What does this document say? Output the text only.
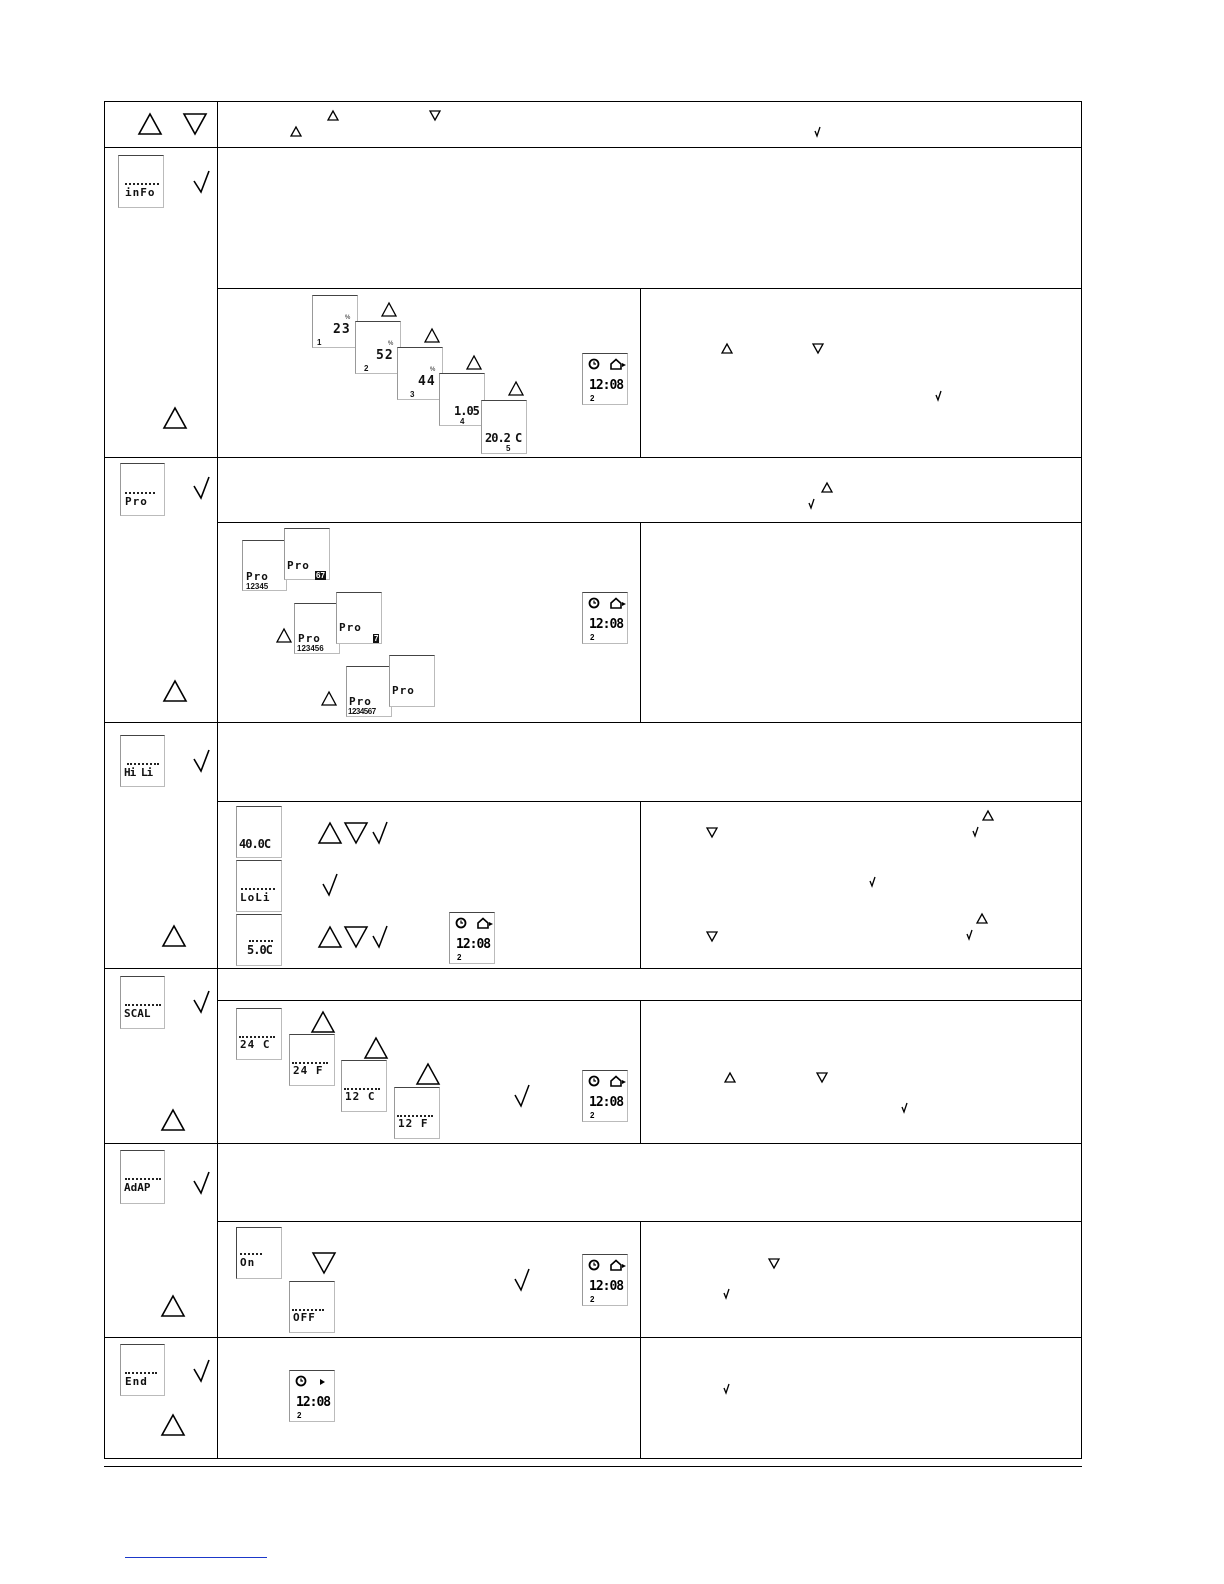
inFo
Pro
Hi Li
SCAL
AdAP
End
%
23
1	%
52
2	%
44
3
1.05
4
20.2 C
5
Pro
12345
Pro
67
Pro
123456
Pro
7
Pro
1234567
Pro
40.0C
LoLi
5.0C
24 C
24 F
12 C
12 F
On
OFF
12:08
2
12:08
2
12:08
2
12:08
2
12:08
2
12:08
2
